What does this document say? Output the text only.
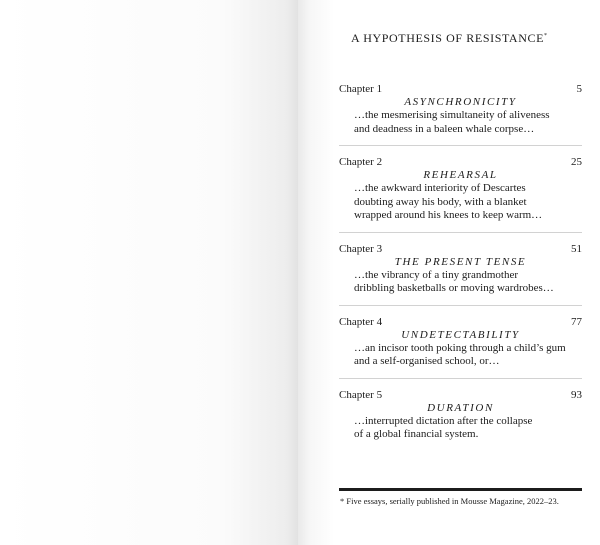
A HYPOTHESIS OF RESISTANCE*
Chapter 1	5
ASYNCHRONICITY
…the mesmerising simultaneity of aliveness
and deadness in a baleen whale corpse…
Chapter 2	25
REHEARSAL
…the awkward interiority of Descartes
doubting away his body, with a blanket
wrapped around his knees to keep warm…
Chapter 3	51
THE PRESENT TENSE
…the vibrancy of a tiny grandmother
dribbling basketballs or moving wardrobes…
Chapter 4	77
UNDETECTABILITY
…an incisor tooth poking through a child’s gum
and a self-organised school, or…
Chapter 5	93
DURATION
…interrupted dictation after the collapse
of a global financial system.
* Five essays, serially published in Mousse Magazine, 2022–23.
